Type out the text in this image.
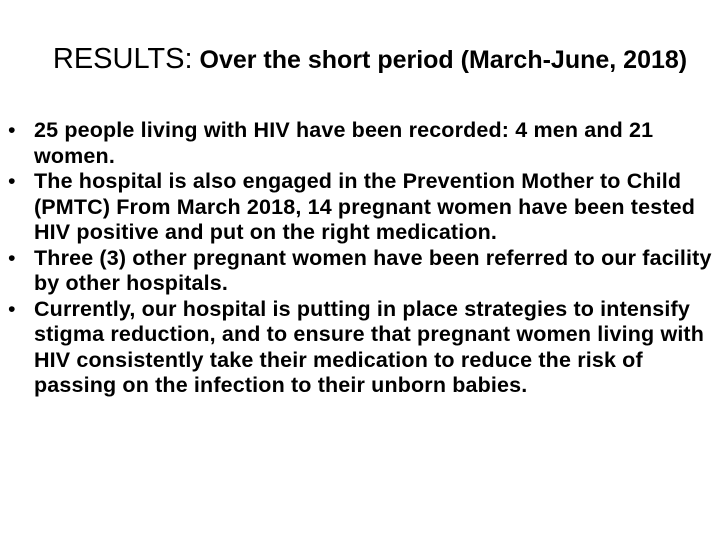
RESULTS: Over the short period (March-June, 2018)
• 25 people living with HIV have been recorded: 4 men and 21 women.
• The hospital is also engaged in the Prevention Mother to Child (PMTC) From March 2018, 14 pregnant women have been tested HIV positive and put on the right medication.
• Three (3) other pregnant women have been referred to our facility by other hospitals.
• Currently, our hospital is putting in place strategies to intensify stigma reduction, and to ensure that pregnant women living with HIV consistently take their medication to reduce the risk of passing on the infection to their unborn babies.
